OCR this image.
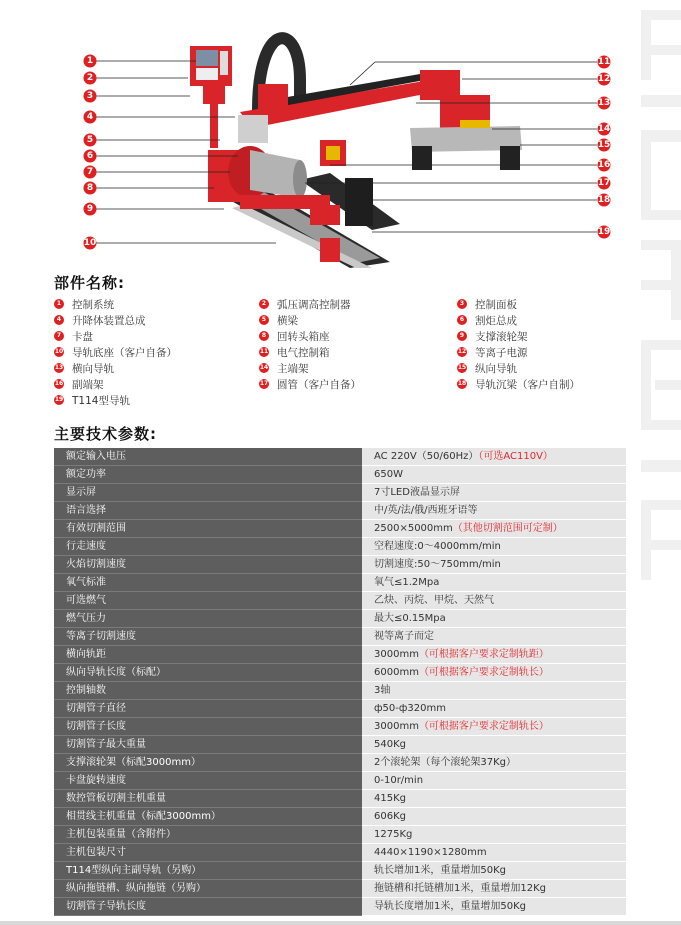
1
2
3
4
5
6
7
8
9
10
11
12
13
14
15
16
17
18
19
部件名称:
1 控制系统	2 弧压调高控制器	3 控制面板
4 升降体装置总成	5 横梁	6 割炬总成
7 卡盘	8 回转头箱座	9 支撑滚轮架
10 导轨底座（客户自备）	11 电气控制箱	12 等离子电源
13 横向导轨	14 主端架	15 纵向导轨
16 副端架	17 圆管（客户自备）	18 导轨沉梁（客户自制）
19 T114型导轨
主要技术参数:
额定输入电压	AC 220V（50/60Hz）（可选AC110V）
额定功率	650W
显示屏	7寸LED液晶显示屏
语言选择	中/英/法/俄/西班牙语等
有效切割范围	2500×5000mm（其他切割范围可定制）
行走速度	空程速度:0～4000mm/min
火焰切割速度	切割速度:50～750mm/min
氧气标准	氧气≤1.2Mpa
可选燃气	乙炔、丙烷、甲烷、天然气
燃气压力	最大≤0.15Mpa
等离子切割速度	视等离子而定
横向轨距	3000mm（可根据客户要求定制轨距）
纵向导轨长度（标配）	6000mm（可根据客户要求定制轨长）
控制轴数	3轴
切割管子直径	ф50-ф320mm
切割管子长度	3000mm（可根据客户要求定制轨长）
切割管子最大重量	540Kg
支撑滚轮架（标配3000mm）	2个滚轮架（每个滚轮架37Kg）
卡盘旋转速度	0-10r/min
数控管板切割主机重量	415Kg
相贯线主机重量（标配3000mm）	606Kg
主机包装重量（含附件）	1275Kg
主机包装尺寸	4440×1190×1280mm
T114型纵向主副导轨（另购）	轨长增加1米，重量增加50Kg
纵向拖链槽、纵向拖链（另购）	拖链槽和托链槽加1米，重量增加12Kg
切割管子导轨长度	导轨长度增加1米，重量增加50Kg
